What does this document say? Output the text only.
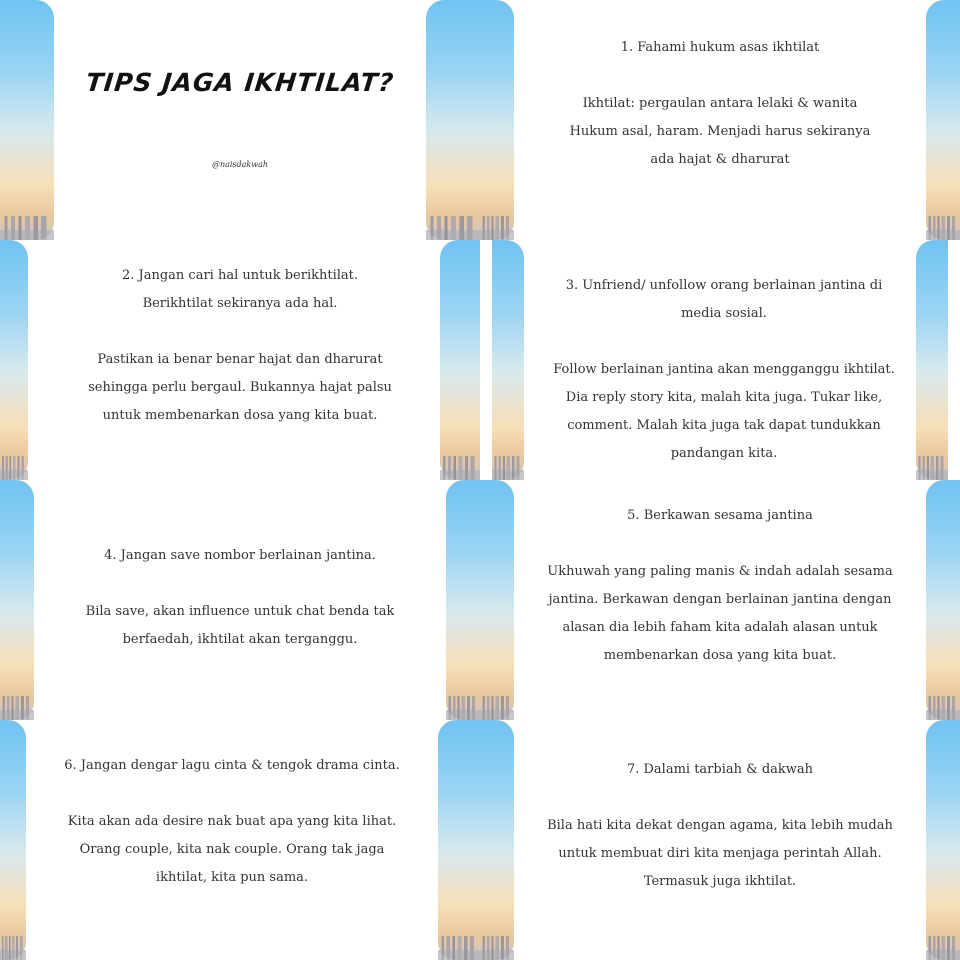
TIPS JAGA IKHTILAT?
@naisdakwah
1. Fahami hukum asas ikhtilat
Ikhtilat: pergaulan antara lelaki & wanita
Hukum asal, haram. Menjadi harus sekiranya
ada hajat & dharurat
2. Jangan cari hal untuk berikhtilat.
Berikhtilat sekiranya ada hal.
Pastikan ia benar benar hajat dan dharurat
sehingga perlu bergaul. Bukannya hajat palsu
untuk membenarkan dosa yang kita buat.
3. Unfriend/ unfollow orang berlainan jantina di
media sosial.
Follow berlainan jantina akan mengganggu ikhtilat.
Dia reply story kita, malah kita juga. Tukar like,
comment. Malah kita juga tak dapat tundukkan
pandangan kita.
4. Jangan save nombor berlainan jantina.
Bila save, akan influence untuk chat benda tak
berfaedah, ikhtilat akan terganggu.
5. Berkawan sesama jantina
Ukhuwah yang paling manis & indah adalah sesama
jantina. Berkawan dengan berlainan jantina dengan
alasan dia lebih faham kita adalah alasan untuk
membenarkan dosa yang kita buat.
6. Jangan dengar lagu cinta & tengok drama cinta.
Kita akan ada desire nak buat apa yang kita lihat.
Orang couple, kita nak couple. Orang tak jaga
ikhtilat, kita pun sama.
7. Dalami tarbiah & dakwah
Bila hati kita dekat dengan agama, kita lebih mudah
untuk membuat diri kita menjaga perintah Allah.
Termasuk juga ikhtilat.
